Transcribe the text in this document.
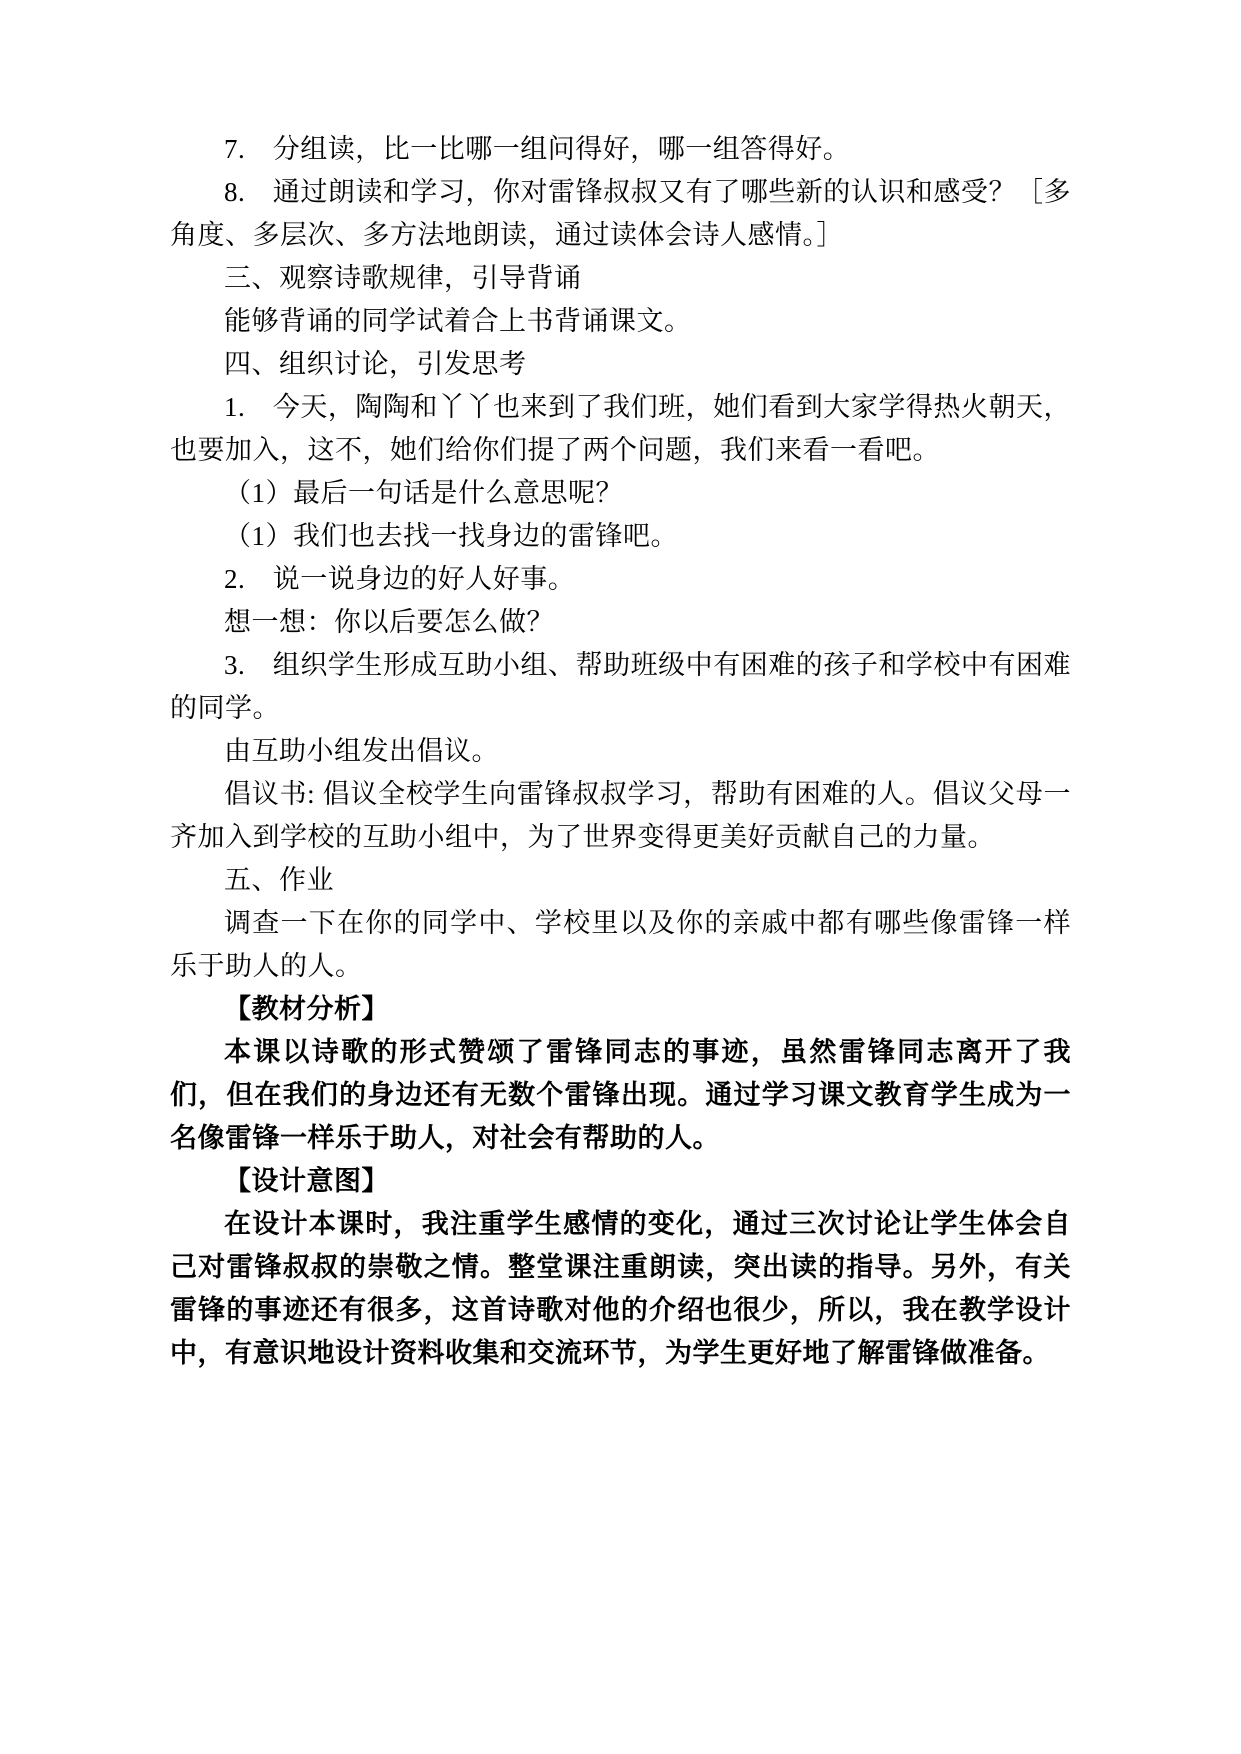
7.　分组读，比一比哪一组问得好，哪一组答得好。

8.　通过朗读和学习，你对雷锋叔叔又有了哪些新的认识和感受？［多角度、多层次、多方法地朗读，通过读体会诗人感情。］

三、观察诗歌规律，引导背诵

能够背诵的同学试着合上书背诵课文。

四、组织讨论，引发思考

1.　今天，陶陶和丫丫也来到了我们班，她们看到大家学得热火朝天，也要加入，这不，她们给你们提了两个问题，我们来看一看吧。

（1）最后一句话是什么意思呢？

（1）我们也去找一找身边的雷锋吧。

2.　说一说身边的好人好事。

想一想：你以后要怎么做？

3.　组织学生形成互助小组、帮助班级中有困难的孩子和学校中有困难的同学。

由互助小组发出倡议。

倡议书: 倡议全校学生向雷锋叔叔学习，帮助有困难的人。倡议父母一齐加入到学校的互助小组中，为了世界变得更美好贡献自己的力量。

五、作业

调查一下在你的同学中、学校里以及你的亲戚中都有哪些像雷锋一样乐于助人的人。

【教材分析】

本课以诗歌的形式赞颂了雷锋同志的事迹，虽然雷锋同志离开了我们，但在我们的身边还有无数个雷锋出现。通过学习课文教育学生成为一名像雷锋一样乐于助人，对社会有帮助的人。

【设计意图】

在设计本课时，我注重学生感情的变化，通过三次讨论让学生体会自己对雷锋叔叔的崇敬之情。整堂课注重朗读，突出读的指导。另外，有关雷锋的事迹还有很多，这首诗歌对他的介绍也很少，所以，我在教学设计中，有意识地设计资料收集和交流环节，为学生更好地了解雷锋做准备。
